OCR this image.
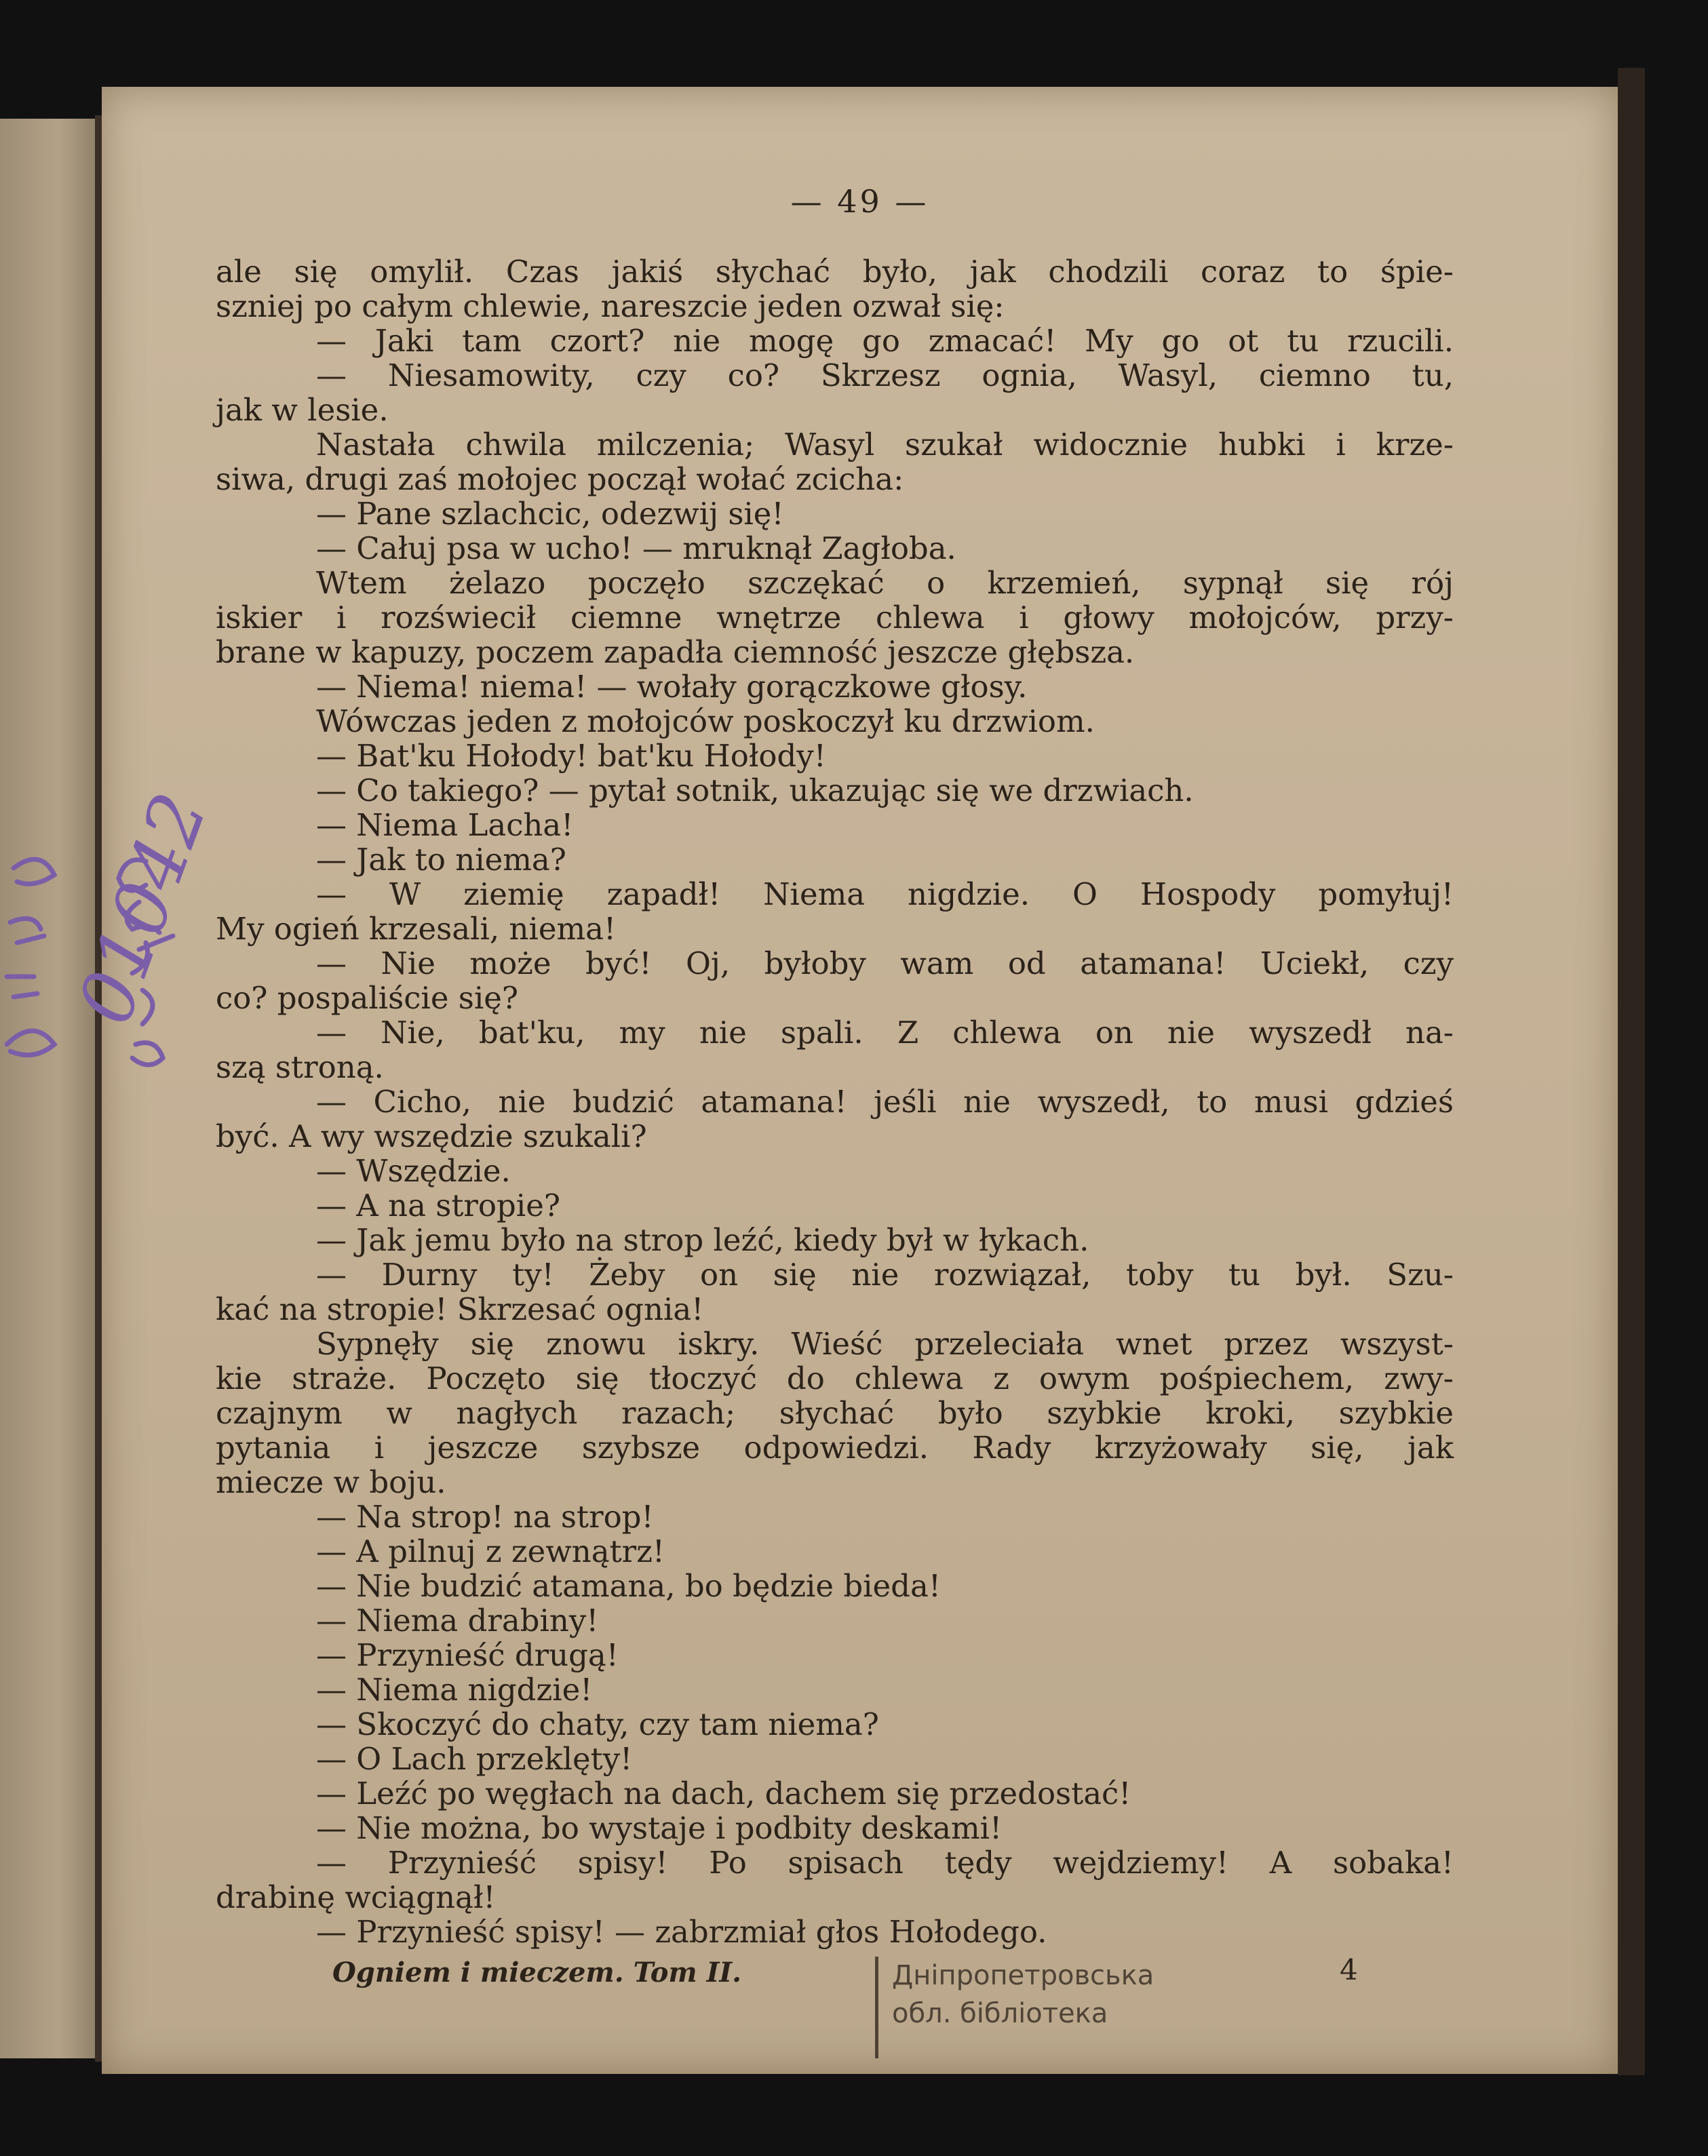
01042
— 49 —
ale się omylił. Czas jakiś słychać było, jak chodzili coraz to śpie-
szniej po całym chlewie, nareszcie jeden ozwał się:
— Jaki tam czort? nie mogę go zmacać! My go ot tu rzucili.
— Niesamowity, czy co? Skrzesz ognia, Wasyl, ciemno tu,
jak w lesie.
Nastała chwila milczenia; Wasyl szukał widocznie hubki i krze-
siwa, drugi zaś mołojec począł wołać zcicha:
— Pane szlachcic, odezwij się!
— Całuj psa w ucho! — mruknął Zagłoba.
Wtem żelazo poczęło szczękać o krzemień, sypnął się rój
iskier i rozświecił ciemne wnętrze chlewa i głowy mołojców, przy-
brane w kapuzy, poczem zapadła ciemność jeszcze głębsza.
— Niema! niema! — wołały gorączkowe głosy.
Wówczas jeden z mołojców poskoczył ku drzwiom.
— Bat'ku Hołody! bat'ku Hołody!
— Co takiego? — pytał sotnik, ukazując się we drzwiach.
— Niema Lacha!
— Jak to niema?
— W ziemię zapadł! Niema nigdzie. O Hospody pomyłuj!
My ogień krzesali, niema!
— Nie może być! Oj, byłoby wam od atamana! Uciekł, czy
co? pospaliście się?
— Nie, bat'ku, my nie spali. Z chlewa on nie wyszedł na-
szą stroną.
— Cicho, nie budzić atamana! jeśli nie wyszedł, to musi gdzieś
być. A wy wszędzie szukali?
— Wszędzie.
— A na stropie?
— Jak jemu było na strop leźć, kiedy był w łykach.
— Durny ty! Żeby on się nie rozwiązał, toby tu był. Szu-
kać na stropie! Skrzesać ognia!
Sypnęły się znowu iskry. Wieść przeleciała wnet przez wszyst-
kie straże. Poczęto się tłoczyć do chlewa z owym pośpiechem, zwy-
czajnym w nagłych razach; słychać było szybkie kroki, szybkie
pytania i jeszcze szybsze odpowiedzi. Rady krzyżowały się, jak
miecze w boju.
— Na strop! na strop!
— A pilnuj z zewnątrz!
— Nie budzić atamana, bo będzie bieda!
— Niema drabiny!
— Przynieść drugą!
— Niema nigdzie!
— Skoczyć do chaty, czy tam niema?
— O Lach przeklęty!
— Leźć po węgłach na dach, dachem się przedostać!
— Nie można, bo wystaje i podbity deskami!
— Przynieść spisy! Po spisach tędy wejdziemy! A sobaka!
drabinę wciągnął!
— Przynieść spisy! — zabrzmiał głos Hołodego.
Ogniem i mieczem. Tom II.	4
Днiпропетровська
обл. бiблiотека
